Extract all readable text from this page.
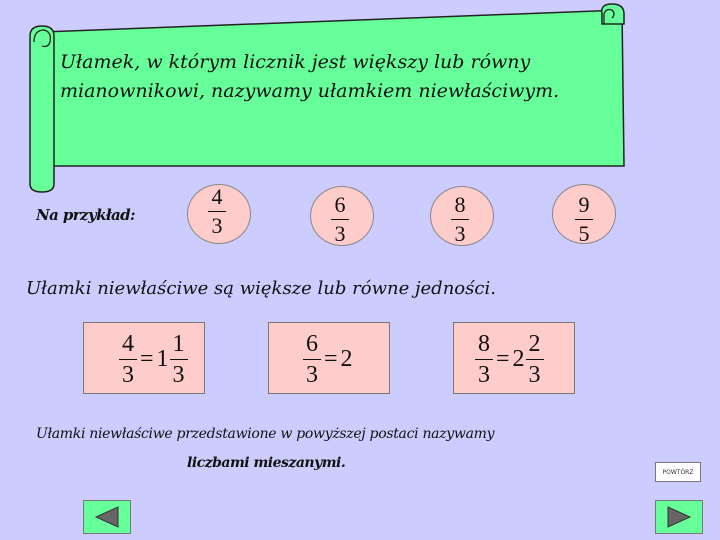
Ułamek, w którym licznik jest większy lub równy
mianownikowi, nazywamy ułamkiem niewłaściwym.
Na przykład:
4
3
6
3
8
3
9
5
Ułamki niewłaściwe są większe lub równe jedności.
$\frac{4}{3} = 1 \frac{1}{3}$	$\frac{6}{3} = 2$	$\frac{8}{3} = 2 \frac{2}{3}$
Ułamki niewłaściwe przedstawione w powyższej postaci nazywamy
liczbami mieszanymi.
POWTÓRZ
